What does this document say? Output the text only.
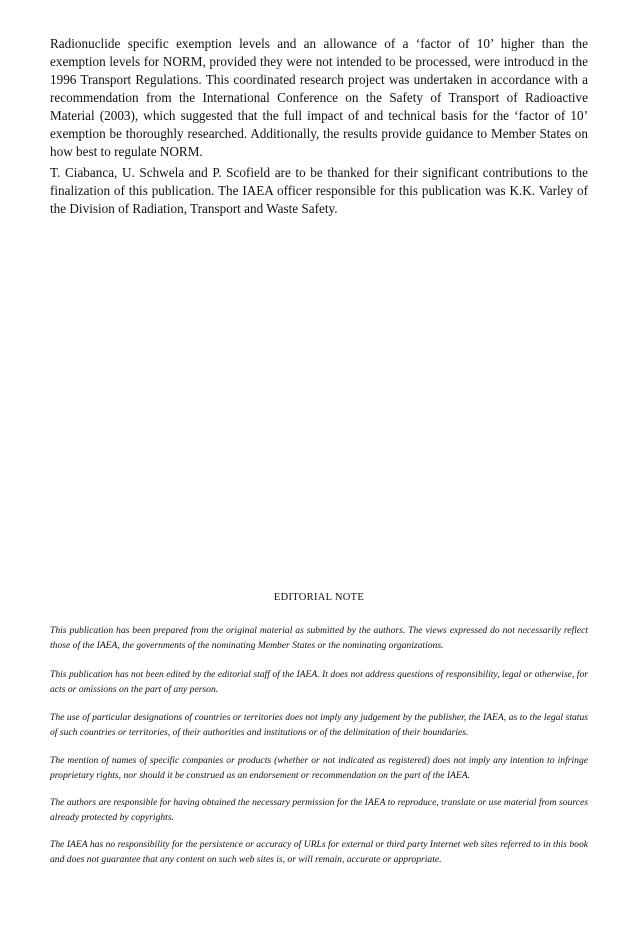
Radionuclide specific exemption levels and an allowance of a ‘factor of 10’ higher than the exemption levels for NORM, provided they were not intended to be processed, were introducd in the 1996 Transport Regulations. This coordinated research project was undertaken in accordance with a recommendation from the International Conference on the Safety of Transport of Radioactive Material (2003), which suggested that the full impact of and technical basis for the ‘factor of 10’ exemption be thoroughly researched. Additionally, the results provide guidance to Member States on how best to regulate NORM.

T. Ciabanca, U. Schwela and P. Scofield are to be thanked for their significant contributions to the finalization of this publication. The IAEA officer responsible for this publication was K.K. Varley of the Division of Radiation, Transport and Waste Safety.

EDITORIAL NOTE

This publication has been prepared from the original material as submitted by the authors. The views expressed do not necessarily reflect those of the IAEA, the governments of the nominating Member States or the nominating organizations.

This publication has not been edited by the editorial staff of the IAEA. It does not address questions of responsibility, legal or otherwise, for acts or omissions on the part of any person.

The use of particular designations of countries or territories does not imply any judgement by the publisher, the IAEA, as to the legal status of such countries or territories, of their authorities and institutions or of the delimitation of their boundaries.

The mention of names of specific companies or products (whether or not indicated as registered) does not imply any intention to infringe proprietary rights, nor should it be construed as an endorsement or recommendation on the part of the IAEA.

The authors are responsible for having obtained the necessary permission for the IAEA to reproduce, translate or use material from sources already protected by copyrights.

The IAEA has no responsibility for the persistence or accuracy of URLs for external or third party Internet web sites referred to in this book and does not guarantee that any content on such web sites is, or will remain, accurate or appropriate.
